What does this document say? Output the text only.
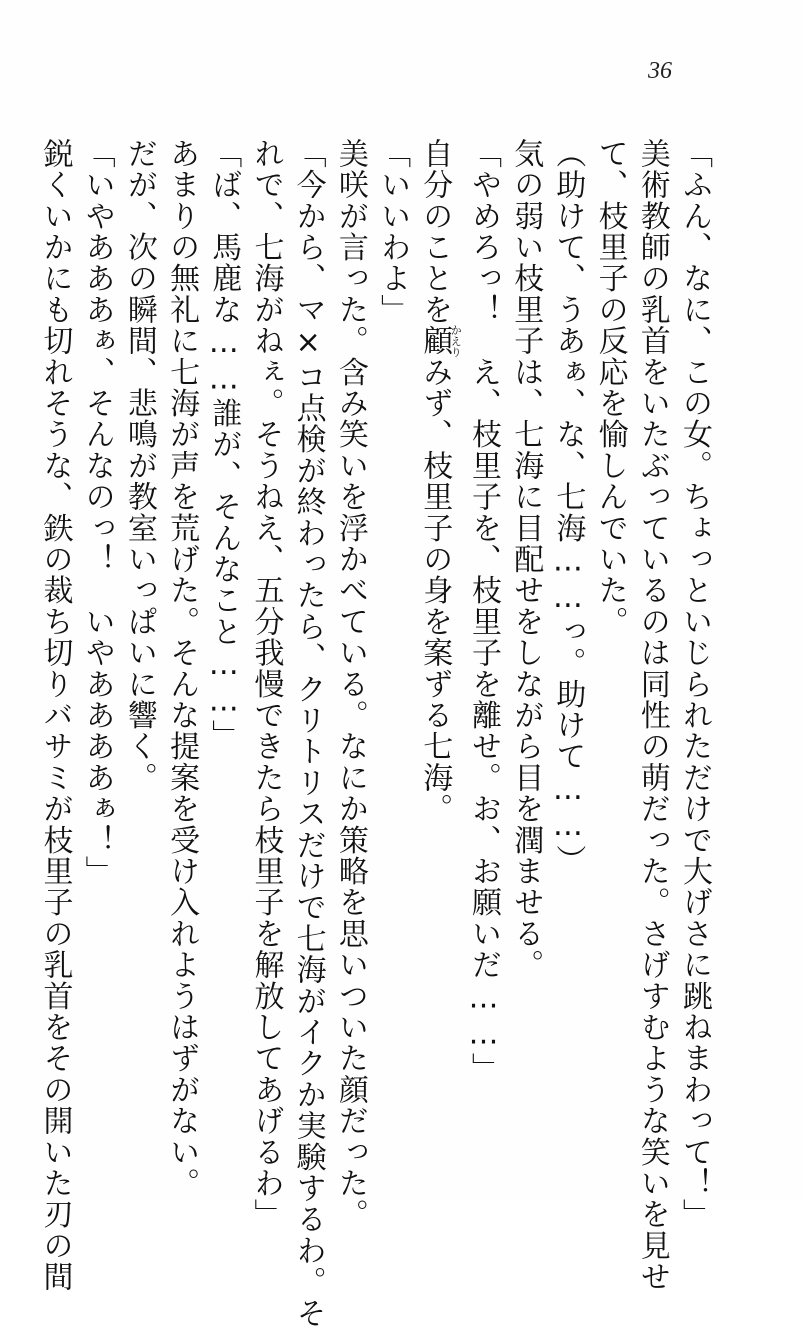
36
「ふん、なに、この女。ちょっといじられただけで大げさに跳ねまわって！」
美術教師の乳首をいたぶっているのは同性の萌だった。さげすむような笑いを見せ
て、枝里子の反応を愉しんでいた。
（助けて、うあぁ、な、七海……っ。助けて……）
気の弱い枝里子は、七海に目配せをしながら目を潤ませる。
「やめろっ！　え、枝里子を、枝里子を離せ。お、お願いだ……」
自分のことを顧かえりみず、枝里子の身を案ずる七海。
「いいわよ」
美咲が言った。含み笑いを浮かべている。なにか策略を思いついた顔だった。
「今から、マ×コ点検が終わったら、クリトリスだけで七海がイクか実験するわ。そ
れで、七海がねぇ。そうねえ、五分我慢できたら枝里子を解放してあげるわ」
「ば、馬鹿な……誰が、そんなこと……」
あまりの無礼に七海が声を荒げた。そんな提案を受け入れようはずがない。
だが、次の瞬間、悲鳴が教室いっぱいに響く。
「いやあああぁ、そんなのっ！　いやああああぁ！」
鋭くいかにも切れそうな、鉄の裁ち切りバサミが枝里子の乳首をその開いた刃の間
